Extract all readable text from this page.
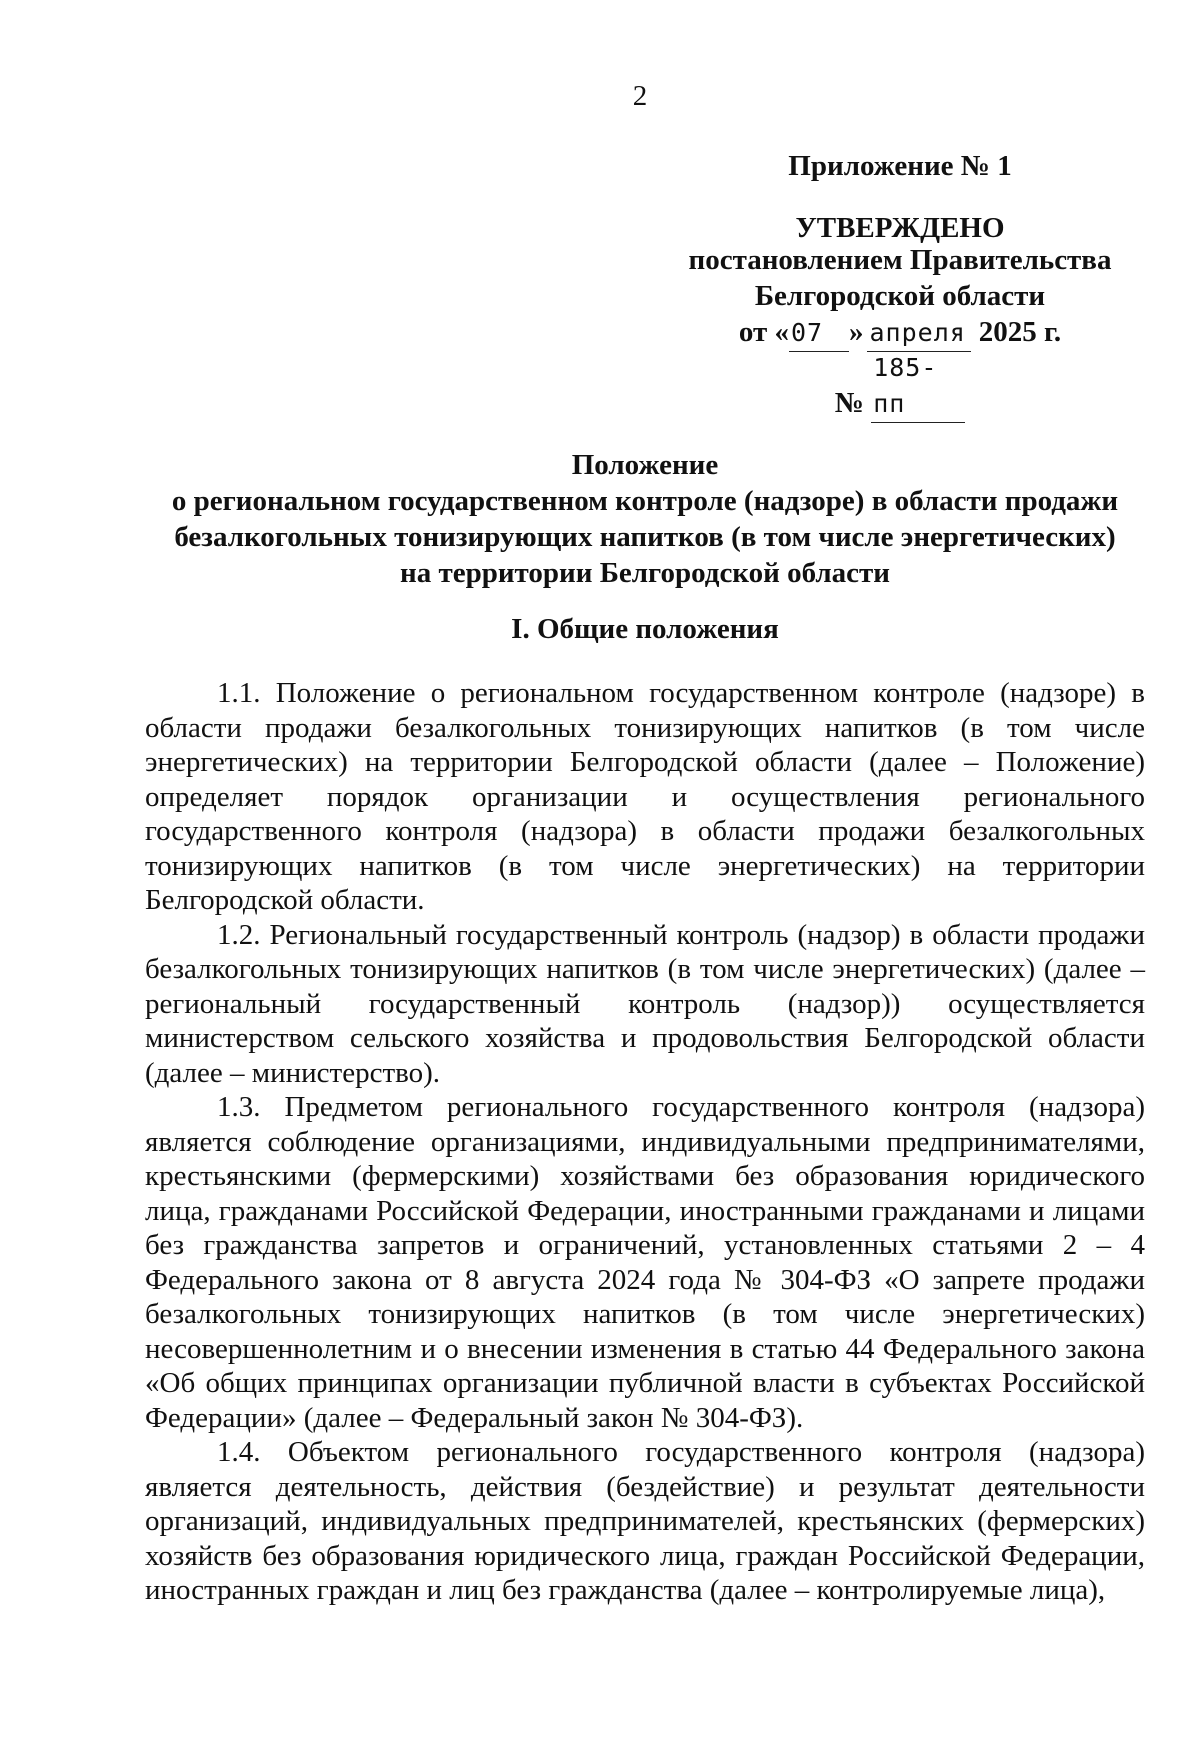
2
Приложение № 1
УТВЕРЖДЕНО
постановлением Правительства
Белгородской области
от «07 » апреля 2025 г.
№ 185-пп
Положение
о региональном государственном контроле (надзоре) в области продажи
безалкогольных тонизирующих напитков (в том числе энергетических)
на территории Белгородской области
I. Общие положения

1.1. Положение о региональном государственном контроле (надзоре) в области продажи безалкогольных тонизирующих напитков (в том числе энергетических) на территории Белгородской области (далее – Положение) определяет порядок организации и осуществления регионального государственного контроля (надзора) в области продажи безалкогольных тонизирующих напитков (в том числе энергетических) на территории Белгородской области.

1.2. Региональный государственный контроль (надзор) в области продажи безалкогольных тонизирующих напитков (в том числе энергетических) (далее – региональный государственный контроль (надзор)) осуществляется министерством сельского хозяйства и продовольствия Белгородской области (далее – министерство).

1.3. Предметом регионального государственного контроля (надзора) является соблюдение организациями, индивидуальными предпринимателями, крестьянскими (фермерскими) хозяйствами без образования юридического лица, гражданами Российской Федерации, иностранными гражданами и лицами без гражданства запретов и ограничений, установленных статьями 2 – 4 Федерального закона от 8 августа 2024 года № 304-ФЗ «О запрете продажи безалкогольных тонизирующих напитков (в том числе энергетических) несовершеннолетним и о внесении изменения в статью 44 Федерального закона «Об общих принципах организации публичной власти в субъектах Российской Федерации» (далее – Федеральный закон № 304-ФЗ).

1.4. Объектом регионального государственного контроля (надзора) является деятельность, действия (бездействие) и результат деятельности организаций, индивидуальных предпринимателей, крестьянских (фермерских) хозяйств без образования юридического лица, граждан Российской Федерации, иностранных граждан и лиц без гражданства (далее – контролируемые лица),
